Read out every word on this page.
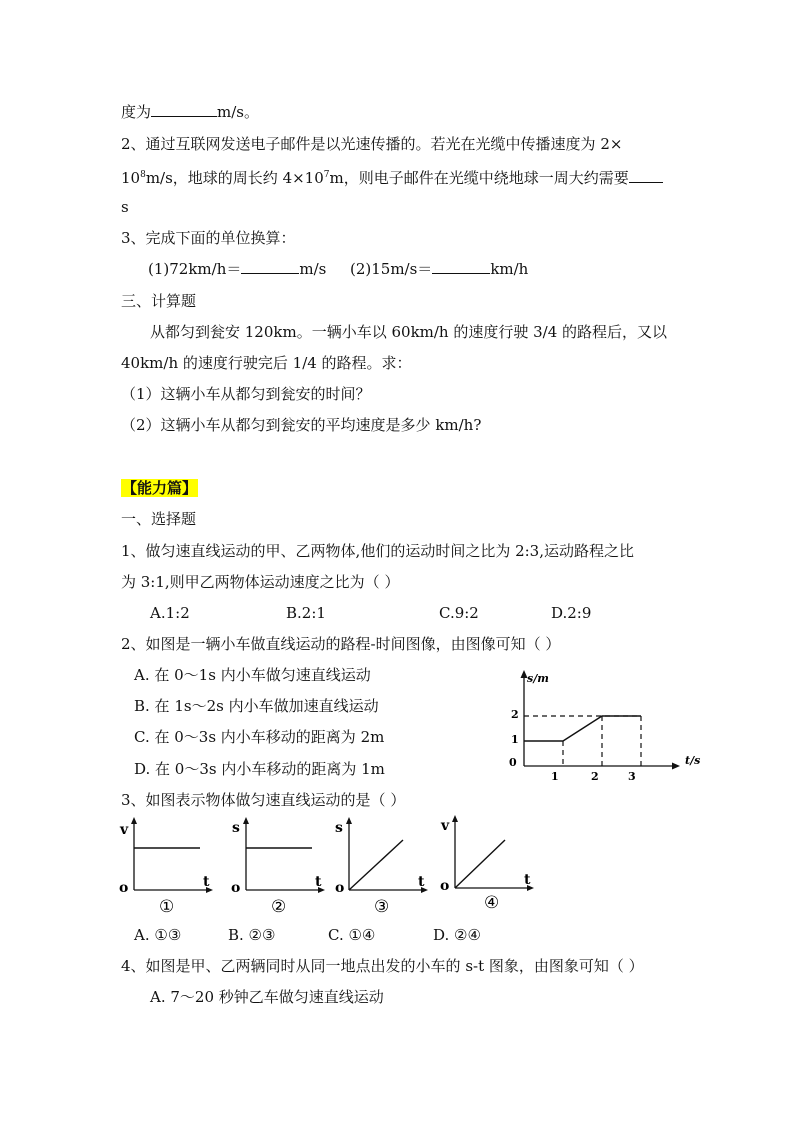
度为	m/s。
2、通过互联网发送电子邮件是以光速传播的。若光在光缆中传播速度为 2×
$10^8m/s$，地球的周长约 $4\times 10^7m$，则电子邮件在光缆中绕地球一周大约需要
s
3、完成下面的单位换算：
(1)72km/h＝	m/s (2)15m/s＝	km/h
三、计算题
从都匀到瓮安 120km。一辆小车以 60km/h 的速度行驶 3/4 的路程后，又以
40km/h 的速度行驶完后 1/4 的路程。求：
（1）这辆小车从都匀到瓮安的时间？
（2）这辆小车从都匀到瓮安的平均速度是多少 km/h?
【能力篇】
一、选择题
1、做匀速直线运动的甲、乙两物体,他们的运动时间之比为 2:3,运动路程之比
为 3:1,则甲乙两物体运动速度之比为（ ）
A.1:2	B.2:1	C.9:2	D.2:9
2、如图是一辆小车做直线运动的路程-时间图像，由图像可知（ ）
A. 在 0～1s 内小车做匀速直线运动
B. 在 1s～2s 内小车做加速直线运动
C. 在 0～3s 内小车移动的距离为 2m
D. 在 0～3s 内小车移动的距离为 1m
s/m
t/s
0
1
2
1	2	3
3、如图表示物体做匀速直线运动的是（ ）
v
t
o
①
s
t
o
②
s
t
o
③
v
t
o
④
A. ①③	B. ②③	C. ①④	D. ②④
4、如图是甲、乙两辆同时从同一地点出发的小车的 s-t 图象，由图象可知（ ）
A. 7～20 秒钟乙车做匀速直线运动
